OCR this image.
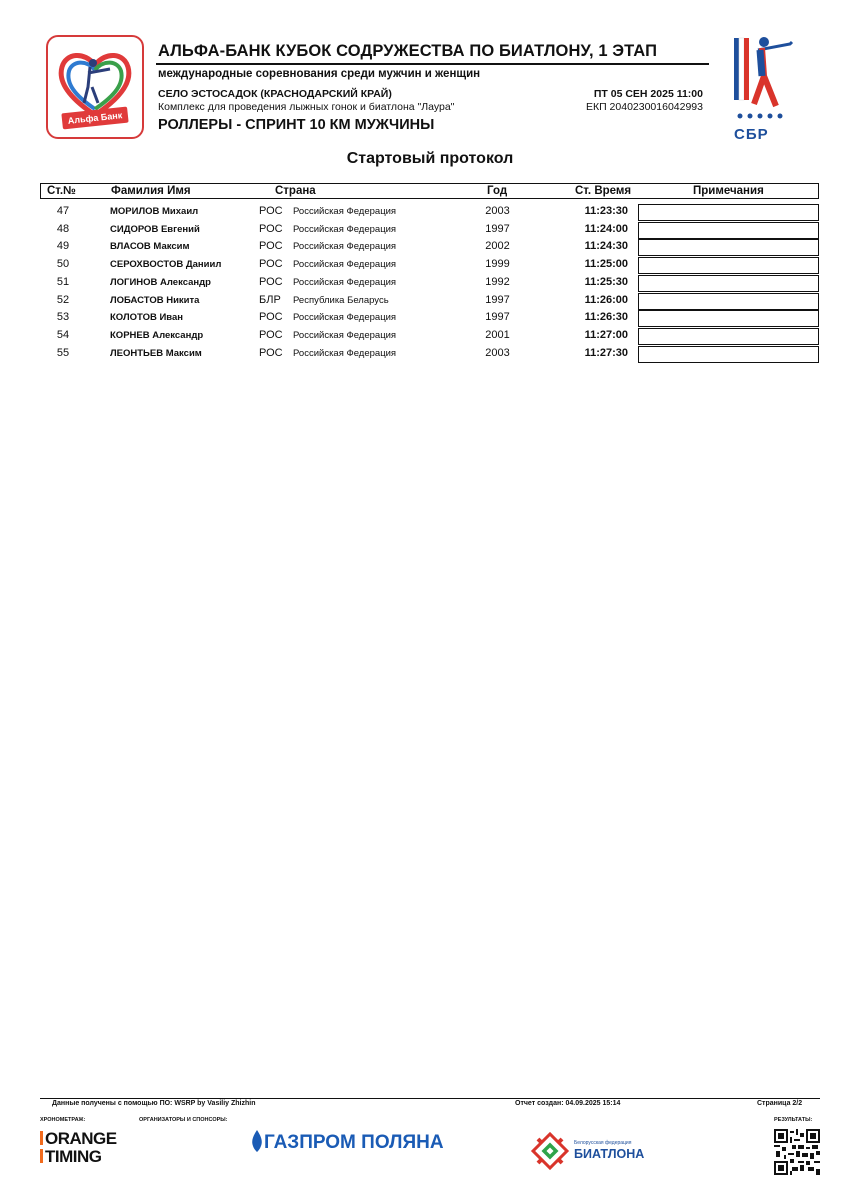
Альфа Банк
АЛЬФА-БАНК КУБОК СОДРУЖЕСТВА ПО БИАТЛОНУ, 1 ЭТАП
международные соревнования среди мужчин и женщин
СЕЛО ЭСТОСАДОК (КРАСНОДАРСКИЙ КРАЙ)
Комплекс для проведения лыжных гонок и биатлона "Лаура"
ПТ 05 СЕН 2025 11:00
ЕКП 2040230016042993
РОЛЛЕРЫ - СПРИНТ 10 КМ МУЖЧИНЫ
СБР
Стартовый протокол
Ст.№	Фамилия Имя	Страна	Год	Ст. Время	Примечания
47	МОРИЛОВ Михаил	РОС Российская Федерация	2003	11:23:30
48	СИДОРОВ Евгений	РОС Российская Федерация	1997	11:24:00
49	ВЛАСОВ Максим	РОС Российская Федерация	2002	11:24:30
50	СЕРОХВОСТОВ Даниил	РОС Российская Федерация	1999	11:25:00
51	ЛОГИНОВ Александр	РОС Российская Федерация	1992	11:25:30
52	ЛОБАСТОВ Никита	БЛР Республика Беларусь	1997	11:26:00
53	КОЛОТОВ Иван	РОС Российская Федерация	1997	11:26:30
54	КОРНЕВ Александр	РОС Российская Федерация	2001	11:27:00
55	ЛЕОНТЬЕВ Максим	РОС Российская Федерация	2003	11:27:30
Данные получены с помощью ПО: WSRP by Vasiliy Zhizhin	Отчет создан: 04.09.2025 15:14	Страница 2/2
ХРОНОМЕТРАЖ:	ОРГАНИЗАТОРЫ И СПОНСОРЫ:	РЕЗУЛЬТАТЫ:
ORANGE
TIMING
ГАЗПРОМ ПОЛЯНА	Белорусская федерация
БИАТЛОНА
